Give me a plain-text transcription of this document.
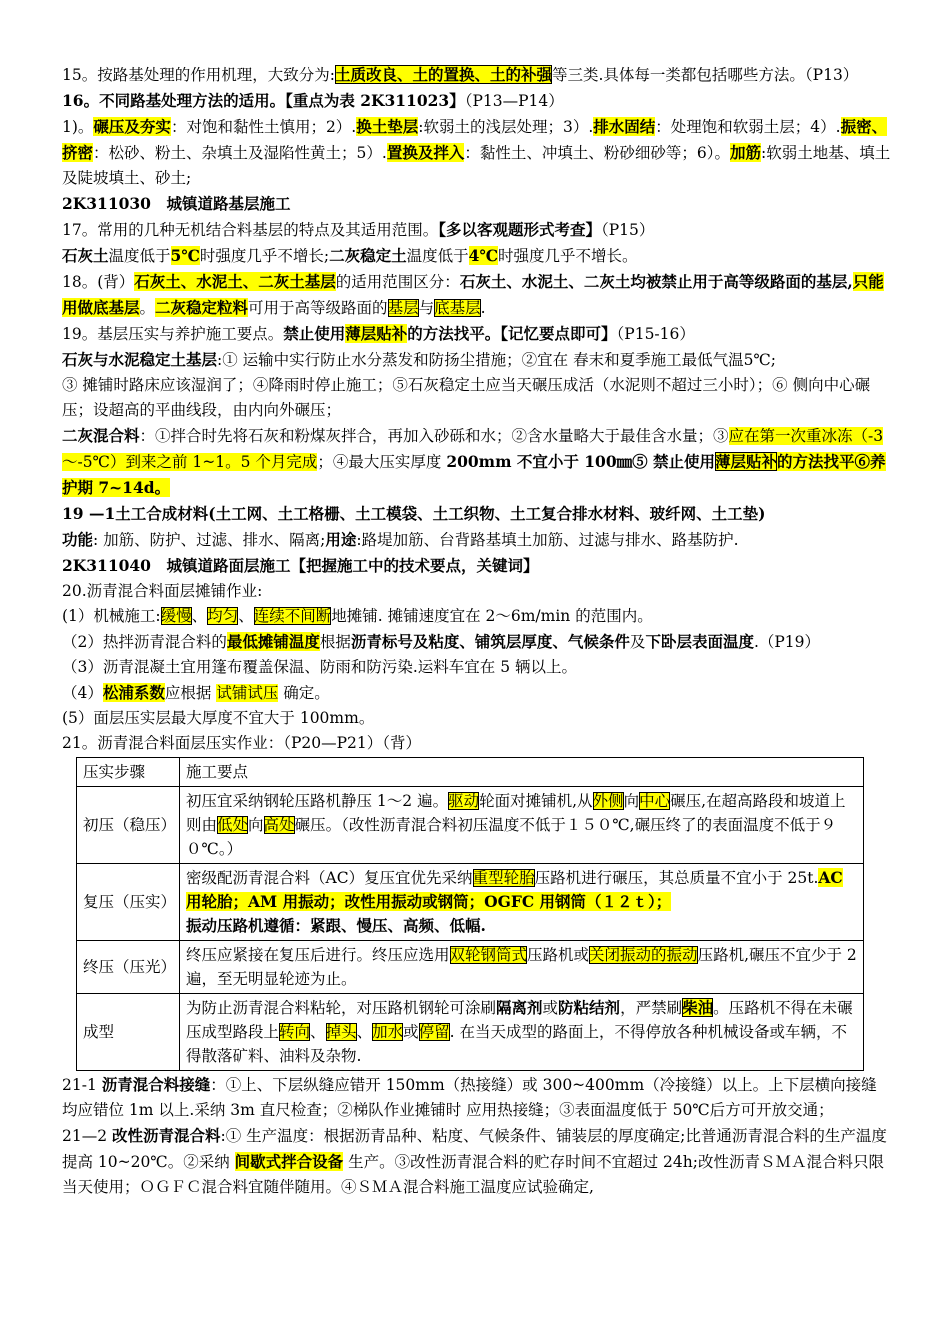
15。按路基处理的作用机理，大致分为:土质改良、土的置换、土的补强等三类.具体每一类都包括哪些方法。（P13）
16。不同路基处理方法的适用。【重点为表 2K311023】（P13—P14）
1)。碾压及夯实：对饱和黏性土慎用；2）.换土垫层:软弱土的浅层处理；3）.排水固结：处理饱和软弱土层；4）.振密、挤密：松砂、粉土、杂填土及湿陷性黄土；5）.置换及拌入：黏性土、冲填土、粉砂细砂等；6）。加筋:软弱土地基、填土及陡坡填土、砂土;
2K311030　城镇道路基层施工
17。常用的几种无机结合料基层的特点及其适用范围。【多以客观题形式考查】（P15）
石灰土温度低于5℃时强度几乎不增长;二灰稳定土温度低于4℃时强度几乎不增长。
18。(背）石灰土、水泥土、二灰土基层的适用范围区分：石灰土、水泥土、二灰土均被禁止用于高等级路面的基层,只能用做底基层。二灰稳定粒料可用于高等级路面的基层与底基层.
19。基层压实与养护施工要点。禁止使用薄层贴补的方法找平。【记忆要点即可】（P15-16）
石灰与水泥稳定土基层:① 运输中实行防止水分蒸发和防扬尘措施；②宜在 春末和夏季施工最低气温5℃;
③ 摊铺时路床应该湿润了；④降雨时停止施工；⑤石灰稳定土应当天碾压成活（水泥则不超过三小时）；⑥ 侧向中心碾压；设超高的平曲线段，由内向外碾压；
二灰混合料：①拌合时先将石灰和粉煤灰拌合，再加入砂砾和水；②含水量略大于最佳含水量；③应在第一次重冰冻（-3～-5℃）到来之前 1~1。5 个月完成；④最大压实厚度 200mm 不宜小于 100㎜⑤ 禁止使用薄层贴补的方法找平⑥养护期 7~14d。
19 —1土工合成材料(土工网、土工格栅、土工模袋、土工织物、土工复合排水材料、玻纤网、土工垫)
功能: 加筋、防护、过滤、排水、隔离;用途:路堤加筋、台背路基填土加筋、过滤与排水、路基防护.
2K311040　城镇道路面层施工【把握施工中的技术要点，关键词】
20.沥青混合料面层摊铺作业:
(1）机械施工:缓慢、均匀、连续不间断地摊铺. 摊铺速度宜在 2～6m/min 的范围内。
（2）热拌沥青混合料的最低摊铺温度根据沥青标号及粘度、铺筑层厚度、气候条件及下卧层表面温度.（P19）
（3）沥青混凝土宜用篷布覆盖保温、防雨和防污染.运料车宜在 5 辆以上。
（4）松浦系数应根据 试铺试压 确定。
(5）面层压实层最大厚度不宜大于 100mm。
21。沥青混合料面层压实作业：（P20—P21）（背）
压实步骤	施工要点
初压（稳压）	初压宜采纳钢轮压路机静压 1～2 遍。驱动轮面对摊铺机,从外侧向中心碾压,在超高路段和坡道上则由低处向高处碾压。（改性沥青混合料初压温度不低于１５０℃,碾压终了的表面温度不低于９０℃。）
复压（压实）	密级配沥青混合料（AC）复压宜优先采纳重型轮胎压路机进行碾压，其总质量不宜小于 25t.AC 用轮胎；AM 用振动；改性用振动或钢筒；OGFC 用钢筒（１２ｔ）；
振动压路机遵循：紧跟、慢压、高频、低幅.
终压（压光）	终压应紧接在复压后进行。终压应选用双轮钢筒式压路机或关闭振动的振动压路机,碾压不宜少于 2 遍，至无明显轮迹为止。
成型	为防止沥青混合料粘轮，对压路机钢轮可涂刷隔离剂或防粘结剂，严禁刷柴油。压路机不得在未碾压成型路段上转向、掉头、加水或停留. 在当天成型的路面上，不得停放各种机械设备或车辆，不得散落矿料、油料及杂物.
21-1 沥青混合料接缝：①上、下层纵缝应错开 150mm（热接缝）或 300~400mm（冷接缝）以上。上下层横向接缝均应错位 1m 以上.采纳 3m 直尺检查；②梯队作业摊铺时 应用热接缝；③表面温度低于 50℃后方可开放交通；
21—2 改性沥青混合料:① 生产温度：根据沥青品种、粘度、气候条件、铺装层的厚度确定;比普通沥青混合料的生产温度提高 10~20℃。②采纳 间歇式拌合设备 生产。③改性沥青混合料的贮存时间不宜超过 24h;改性沥青ＳＭＡ混合料只限当天使用；ＯＧＦＣ混合料宜随伴随用。④ＳＭＡ混合料施工温度应试验确定,
